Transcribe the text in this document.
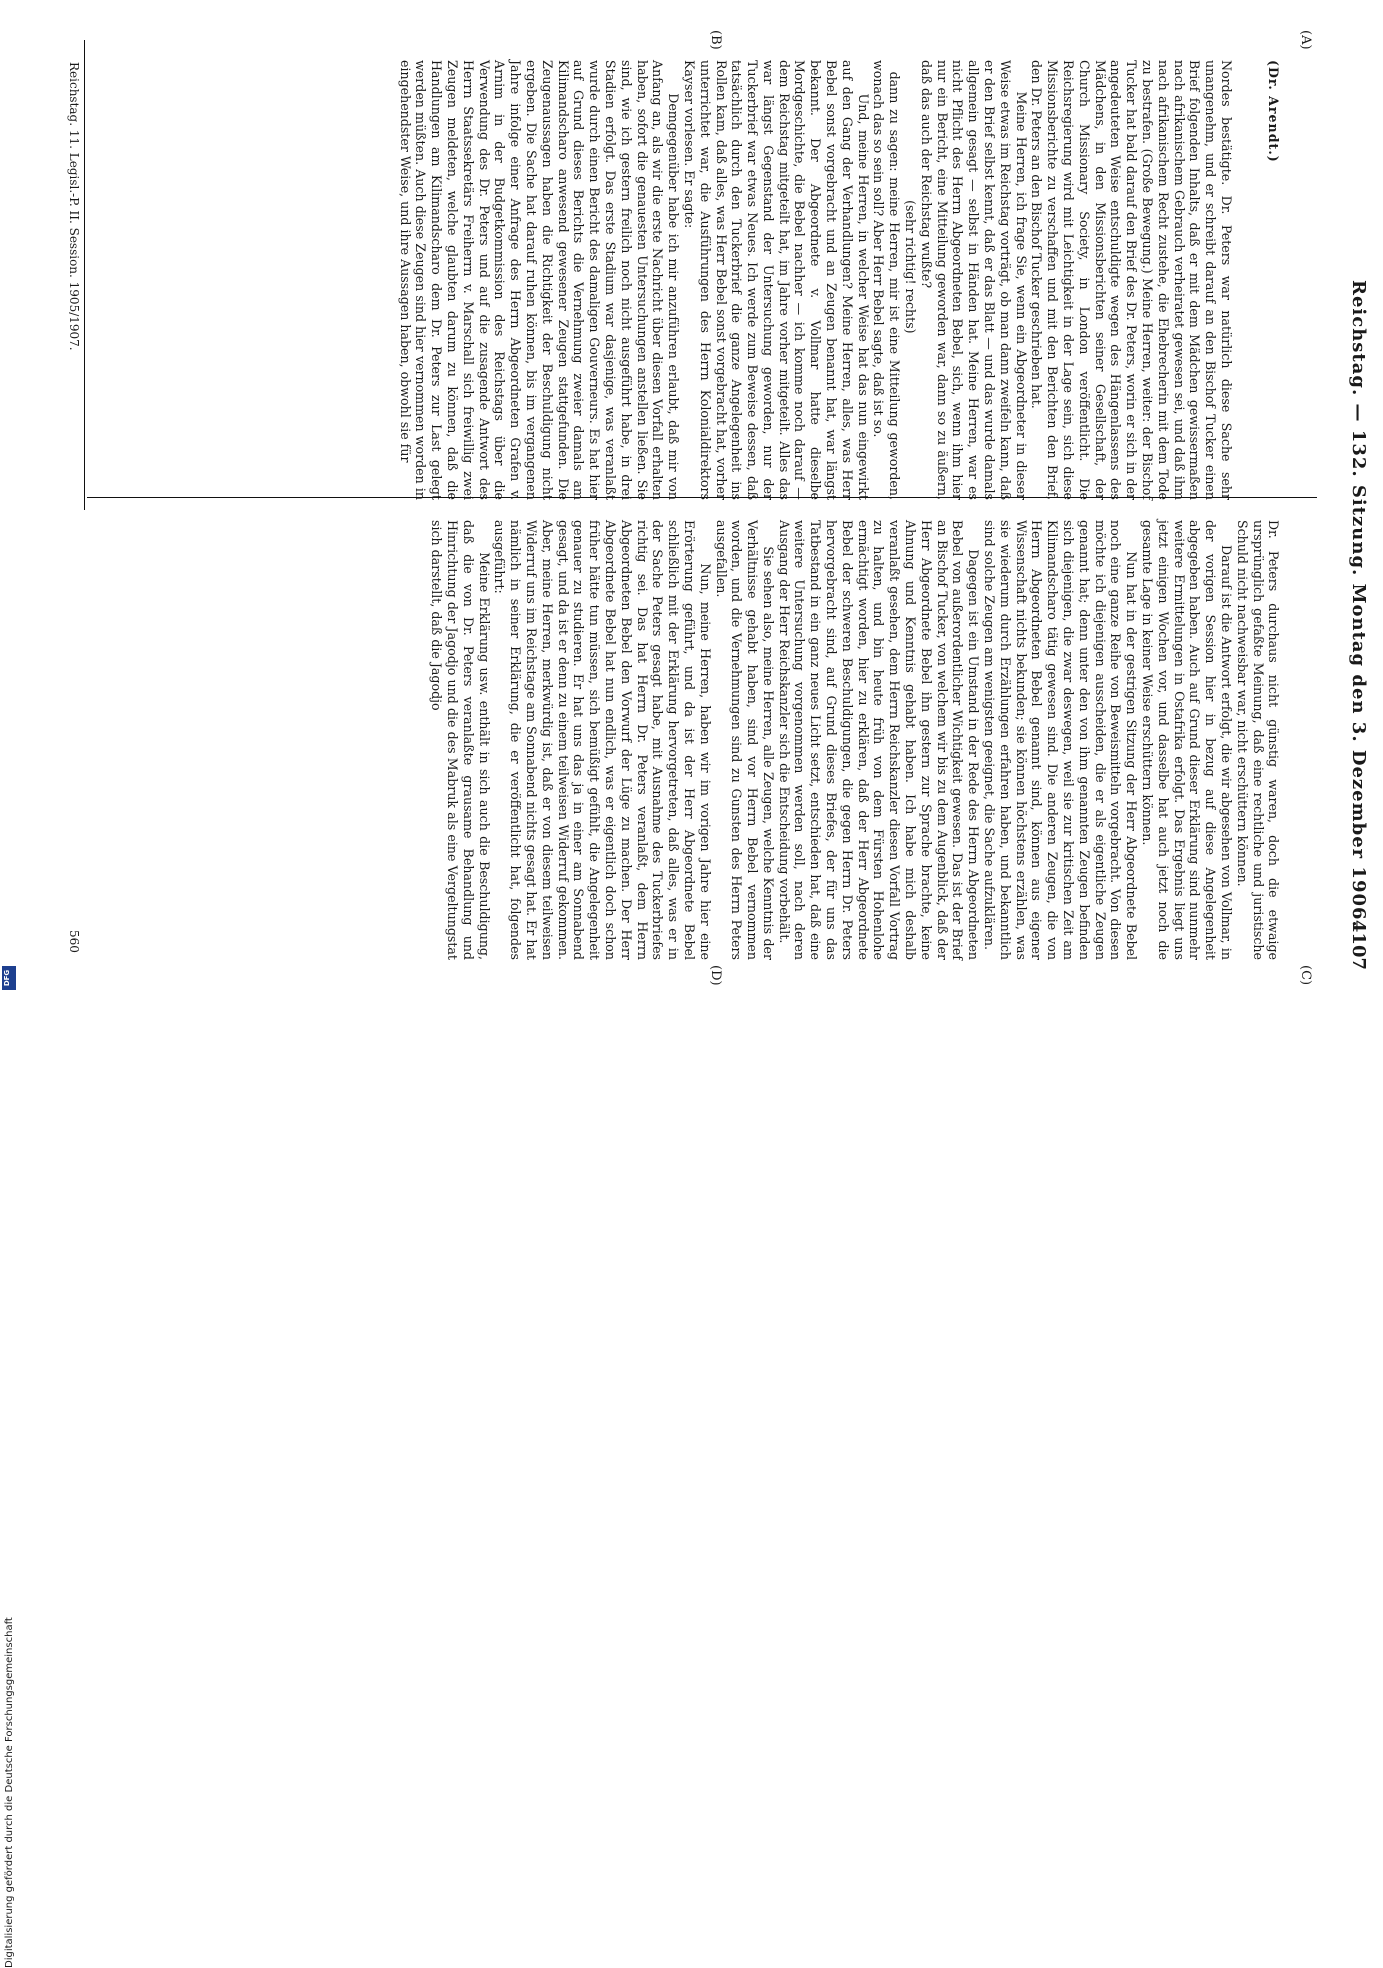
Reichstag. — 132. Sitzung. Montag den 3. Dezember 1906.
4107
(A)
(B)
(C)
(D)

(Dr. Arendt.)

Nordes bestätigte. Dr. Peters war natürlich diese Sache sehr unangenehm, und er schreibt darauf an den Bischof Tucker einen Brief folgenden Inhalts, daß er mit dem Mädchen gewissermaßen nach afrikanischem Gebrauch verheiratet gewesen sei, und daß ihm nach afrikanischem Recht zustehe, die Ehebrecherin mit dem Tode zu bestrafen. (Große Bewegung.) Meine Herren, weiter: der Bischof Tucker hat bald darauf den Brief des Dr. Peters, worin er sich in der angedeuteten Weise entschuldigte wegen des Hängenlassens des Mädchens, in den Missionsberichten seiner Gesellschaft, der Church Missionary Society, in London veröffentlicht. Die Reichsregierung wird mit Leichtigkeit in der Lage sein, sich diese Missionsberichte zu verschaffen und mit den Berichten den Brief, den Dr. Peters an den Bischof Tucker geschrieben hat.
Meine Herren, ich frage Sie, wenn ein Abgeordneter in dieser Weise etwas im Reichstag vorträgt, ob man dann zweifeln kann, daß er den Brief selbst kennt, daß er das Blatt — und das wurde damals allgemein gesagt — selbst in Händen hat. Meine Herren, war es nicht Pflicht des Herrn Abgeordneten Bebel, sich, wenn ihm hier nur ein Bericht, eine Mitteilung geworden war, dann so zu äußern, daß das auch der Reichstag wußte?
(sehr richtig! rechts)
dann zu sagen: meine Herren, mir ist eine Mitteilung geworden, wonach das so sein soll? Aber Herr Bebel sagte, daß ist so.
Und, meine Herren, in welcher Weise hat das nun eingewirkt auf den Gang der Verhandlungen? Meine Herren, alles, was Herr Bebel sonst vorgebracht und an Zeugen benannt hat, war längst bekannt. Der Abgeordnete v. Vollmar hatte dieselbe Mordgeschichte, die Bebel nachher — ich komme noch darauf — dem Reichstag mitgeteilt hat, im Jahre vorher mitgeteilt. Alles das war längst Gegenstand der Untersuchung geworden, nur der Tuckerbrief war etwas Neues. Ich werde zum Beweise dessen, daß tatsächlich durch den Tuckerbrief die ganze Angelegenheit ins Rollen kam, daß alles, was Herr Bebel sonst vorgebracht hat, vorher unterrichtet war, die Ausführungen des Herrn Kolonialdirektors Kayser vorlesen. Er sagte:
Demgegenüber habe ich mir anzuführen erlaubt, daß mir von Anfang an, als wir die erste Nachricht über diesen Vorfall erhalten haben, sofort die genauesten Untersuchungen anstellen ließen. Sie sind, wie ich gestern freilich noch nicht ausgeführt habe, in drei Stadien erfolgt. Das erste Stadium war dasjenige, was veranlaßt wurde durch einen Bericht des damaligen Gouverneurs. Es hat hier auf Grund dieses Berichts die Vernehmung zweier damals am Kilimandscharo anwesend gewesener Zeugen stattgefunden. Die Zeugenaussagen haben die Richtigkeit der Beschuldigung nicht ergeben. Die Sache hat darauf ruhen können, bis im vergangenen Jahre infolge einer Anfrage des Herrn Abgeordneten Grafen v. Arnim in der Budgetkommission des Reichstags über die Verwendung des Dr. Peters und auf die zusagende Antwort des Herrn Staatssekretärs Freiherrn v. Marschall sich freiwillig zwei Zeugen meldeten, welche glaubten darum zu können, daß die Handlungen am Kilimandscharo dem Dr. Peters zur Last gelegt werden müßten. Auch diese Zeugen sind hier vernommen worden in eingehendster Weise, und ihre Aussagen haben, obwohl sie für

Dr. Peters durchaus nicht günstig waren, doch die etwaige ursprünglich gefaßte Meinung, daß eine rechtliche und juristische Schuld nicht nachweisbar war, nicht erschüttern können.
Darauf ist die Antwort erfolgt, die wir abgesehen von Vollmar, in der vorigen Session hier in bezug auf diese Angelegenheit abgegeben haben. Auch auf Grund dieser Erklärung sind nunmehr weitere Ermittelungen in Ostafrika erfolgt. Das Ergebnis liegt uns jetzt einigen Wochen vor, und dasselbe hat auch jetzt noch die gesamte Lage in keiner Weise erschüttern können.
Nun hat in der gestrigen Sitzung der Herr Abgeordnete Bebel noch eine ganze Reihe von Beweismitteln vorgebracht. Von diesen möchte ich diejenigen ausscheiden, die er als eigentliche Zeugen genannt hat; denn unter den von ihm genannten Zeugen befinden sich diejenigen, die zwar deswegen, weil sie zur kritischen Zeit am Kilimandscharo tätig gewesen sind. Die anderen Zeugen, die von Herrn Abgeordneten Bebel genannt sind, können aus eigener Wissenschaft nichts bekunden; sie können höchstens erzählen, was sie wiederum durch Erzählungen erfahren haben, und bekanntlich sind solche Zeugen am wenigsten geeignet, die Sache aufzuklären.
Dagegen ist ein Umstand in der Rede des Herrn Abgeordneten Bebel von außerordentlicher Wichtigkeit gewesen. Das ist der Brief an Bischof Tucker, von welchem wir bis zu dem Augenblick, daß der Herr Abgeordnete Bebel ihn gestern zur Sprache brachte, keine Ahnung und Kenntnis gehabt haben. Ich habe mich deshalb veranlaßt gesehen, dem Herrn Reichskanzler diesen Vorfall Vortrag zu halten, und bin heute früh von dem Fürsten Hohenlohe ermächtigt worden, hier zu erklären, daß der Herr Abgeordnete Bebel der schweren Beschuldigungen, die gegen Herrn Dr. Peters hervorgebracht sind, auf Grund dieses Briefes, der für uns das Tatbestand in ein ganz neues Licht setzt, entschieden hat, daß eine weitere Untersuchung vorgenommen werden soll, nach deren Ausgang der Herr Reichskanzler sich die Entscheidung vorbehält.
Sie sehen also, meine Herren, alle Zeugen, welche Kenntnis der Verhältnisse gehabt haben, sind vor Herrn Bebel vernommen worden, und die Vernehmungen sind zu Gunsten des Herrn Peters ausgefallen.
Nun, meine Herren, haben wir im vorigen Jahre hier eine Erörterung geführt, und da ist der Herr Abgeordnete Bebel schließlich mit der Erklärung hervorgetreten, daß alles, was er in der Sache Peters gesagt habe, mit Ausnahme des Tuckerbriefes richtig sei. Das hat Herrn Dr. Peters veranlaßt, dem Herrn Abgeordneten Bebel den Vorwurf der Lüge zu machen. Der Herr Abgeordnete Bebel hat nun endlich, was er eigentlich doch schon früher hätte tun müssen, sich bemüßigt gefühlt, die Angelegenheit genauer zu studieren. Er hat uns das ja in einer am Sonnabend gesagt, und da ist er denn zu einem teilweisen Widerruf gekommen. Aber, meine Herren, merkwürdig ist, daß er von diesem teilweisen Widerruf uns im Reichstage am Sonnabend nichts gesagt hat. Er hat nämlich in seiner Erklärung, die er veröffentlicht hat, folgendes ausgeführt:
Meine Erklärung usw. enthält in sich auch die Beschuldigung, daß die von Dr. Peters veranlaßte grausame Behandlung und Hinrichtung der Jagodjo und die des Mabruk als eine Vergeltungstat sich darstellt, daß die Jagodjo

Reichstag. 11. Legisl.-P. II. Session. 1905/1907.
560
Digitalisierung gefördert durch die Deutsche Forschungsgemeinschaft
DFG
